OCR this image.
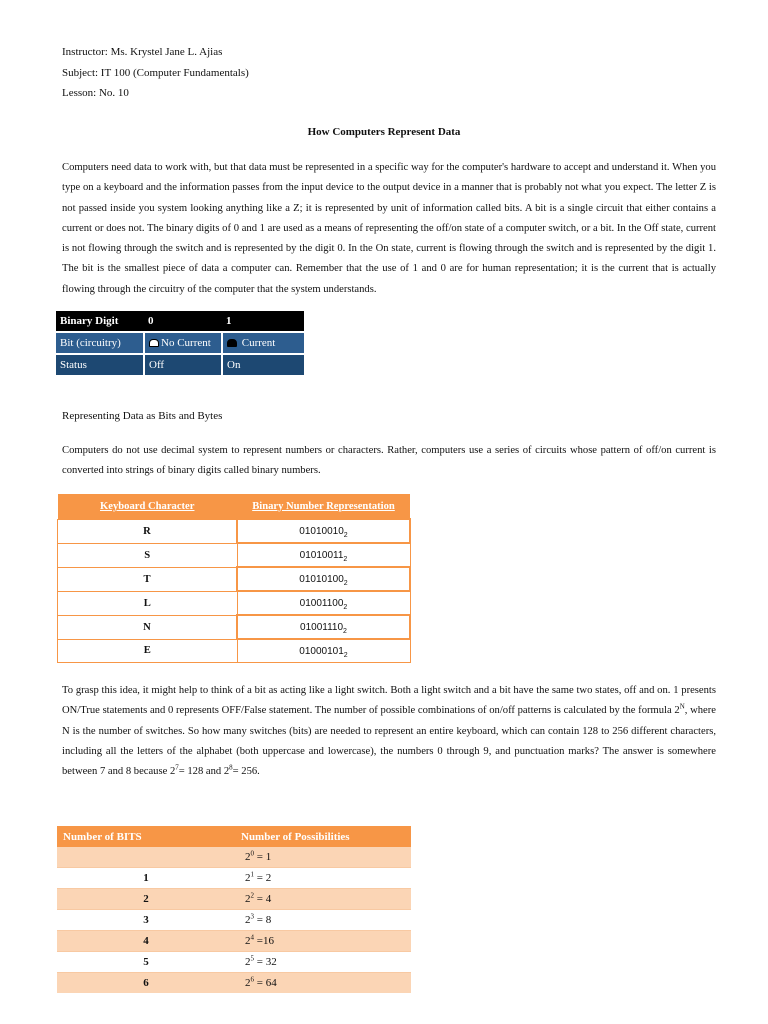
Instructor: Ms. Krystel Jane L. Ajias
Subject: IT 100 (Computer Fundamentals)
Lesson: No. 10
How Computers Represent Data
Computers need data to work with, but that data must be represented in a specific way for the computer's hardware to accept and understand it. When you type on a keyboard and the information passes from the input device to the output device in a manner that is probably not what you expect. The letter Z is not passed inside you system looking anything like a Z; it is represented by unit of information called bits. A bit is a single circuit that either contains a current or does not. The binary digits of 0 and 1 are used as a means of representing the off/on state of a computer switch, or a bit. In the Off state, current is not flowing through the switch and is represented by the digit 0. In the On state, current is flowing through the switch and is represented by the digit 1. The bit is the smallest piece of data a computer can. Remember that the use of 1 and 0 are for human representation; it is the current that is actually flowing through the circuitry of the computer that the system understands.
Binary Digit	0	1
Bit (circuitry)	No Current	Current
Status	Off	On
Representing Data as Bits and Bytes
Computers do not use decimal system to represent numbers or characters. Rather, computers use a series of circuits whose pattern of off/on current is converted into strings of binary digits called binary numbers.
Keyboard Character	Binary Number Representation
R	$01010010_2$
S	$01010011_2$
T	$01010100_2$
L	$01001100_2$
N	$01001110_2$
E	$01000101_2$
To grasp this idea, it might help to think of a bit as acting like a light switch. Both a light switch and a bit have the same two states, off and on. 1 presents ON/True statements and 0 represents OFF/False statement. The number of possible combinations of on/off patterns is calculated by the formula $2^N$, where N is the number of switches. So how many switches (bits) are needed to represent an entire keyboard, which can contain 128 to 256 different characters, including all the letters of the alphabet (both uppercase and lowercase), the numbers 0 through 9, and punctuation marks? The answer is somewhere between 7 and 8 because $2^7= 128$ and $2^8= 256$.
Number of BITS	Number of Possibilities
	$2^0 = 1$
1	$2^1 = 2$
2	$2^2 = 4$
3	$2^3 = 8$
4	$2^4 =16$
5	$2^5 = 32$
6	$2^6 = 64$
